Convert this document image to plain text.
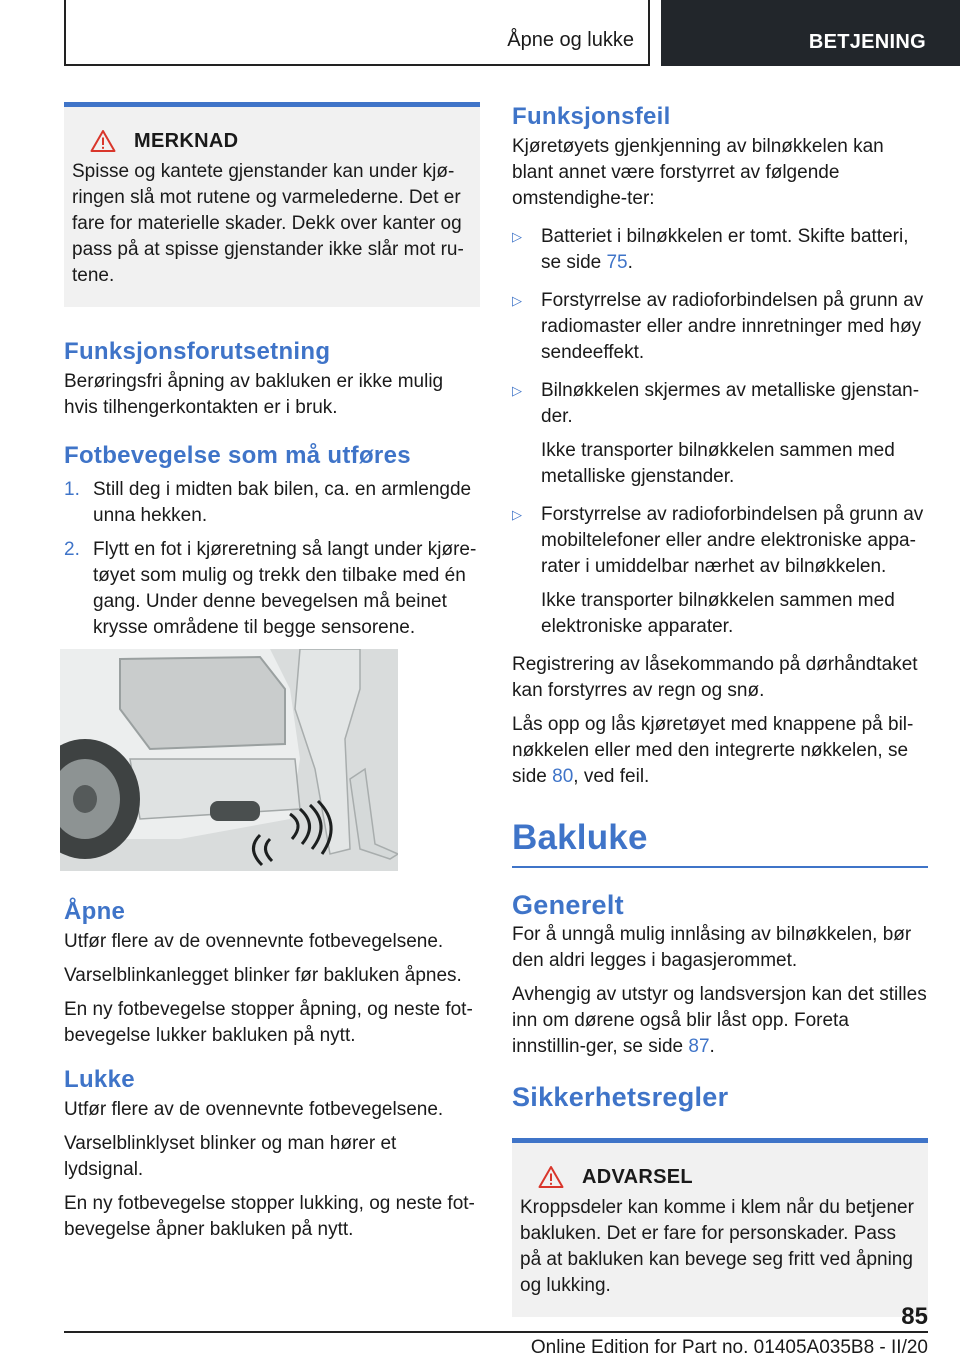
Åpne og lukke	BETJENING
MERKNAD

Spisse og kantete gjenstander kan under kjø-ringen slå mot rutene og varmelederne. Det er fare for materielle skader. Dekk over kanter og pass på at spisse gjenstander ikke slår mot ru-tene.

Funksjonsforutsetning

Berøringsfri åpning av bakluken er ikke mulig hvis tilhengerkontakten er i bruk.

Fotbevegelse som må utføres
1. Still deg i midten bak bilen, ca. en armlengde unna hekken.
2. Flytt en fot i kjøreretning så langt under kjøre-tøyet som mulig og trekk den tilbake med én gang. Under denne bevegelsen må beinet krysse områdene til begge sensorene.
Åpne

Utfør flere av de ovennevnte fotbevegelsene.

Varselblinkanlegget blinker før bakluken åpnes.

En ny fotbevegelse stopper åpning, og neste fot-bevegelse lukker bakluken på nytt.

Lukke

Utfør flere av de ovennevnte fotbevegelsene.

Varselblinklyset blinker og man hører et lydsignal.

En ny fotbevegelse stopper lukking, og neste fot-bevegelse åpner bakluken på nytt.

Funksjonsfeil

Kjøretøyets gjenkjenning av bilnøkkelen kan blant annet være forstyrret av følgende omstendighe-ter:

▷	Batteriet i bilnøkkelen er tomt. Skifte batteri, se side 75.
▷	Forstyrrelse av radioforbindelsen på grunn av radiomaster eller andre innretninger med høy sendeeffekt.
▷	Bilnøkkelen skjermes av metalliske gjenstan-der.
Ikke transporter bilnøkkelen sammen med metalliske gjenstander.
▷	Forstyrrelse av radioforbindelsen på grunn av mobiltelefoner eller andre elektroniske appa-rater i umiddelbar nærhet av bilnøkkelen.
Ikke transporter bilnøkkelen sammen med elektroniske apparater.

Registrering av låsekommando på dørhåndtaket kan forstyrres av regn og snø.

Lås opp og lås kjøretøyet med knappene på bil-nøkkelen eller med den integrerte nøkkelen, se side 80, ved feil.

Bakluke
Generelt

For å unngå mulig innlåsing av bilnøkkelen, bør den aldri legges i bagasjerommet.

Avhengig av utstyr og landsversjon kan det stilles inn om dørene også blir låst opp. Foreta innstillin-ger, se side 87.

Sikkerhetsregler
ADVARSEL

Kroppsdeler kan komme i klem når du betjener bakluken. Det er fare for personskader. Pass på at bakluken kan bevege seg fritt ved åpning og lukking.

85
Online Edition for Part no. 01405A035B8 - II/20
